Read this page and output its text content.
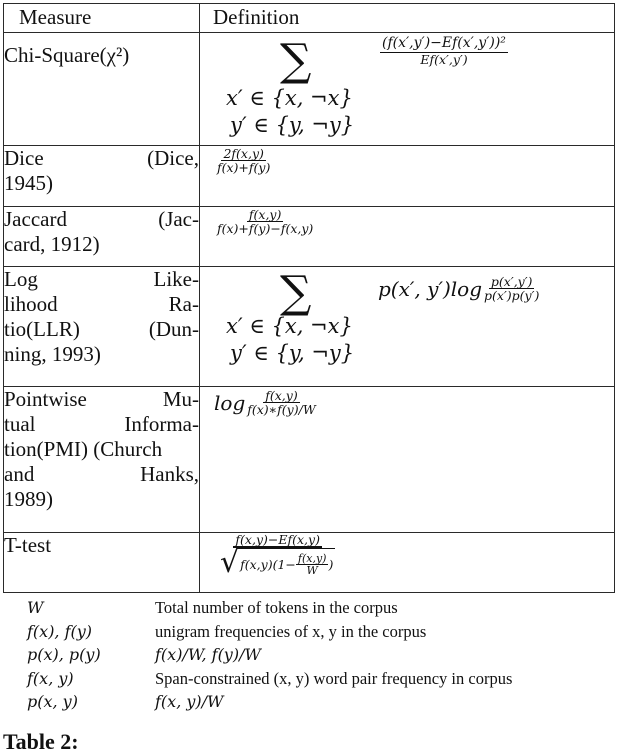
Measure	Definition

Chi-Square(χ²)	∑
x′ ∈ {x, ¬x}
y′ ∈ {y, ¬y}
$\frac{\text{(f(x′,y′)−Ef(x′,y′))²}}{Ef(x',y')}$

Dice (Dice,
1945)	$\frac{2f(x,y)}{f(x)+f(y)}$

Jaccard (Jac-
card, 1912)	$\frac{f(x,y)}{f(x)+f(y)-f(x,y)}$

Log Like-
lihood Ra-
tio(LLR) (Dun-
ning, 1993)

∑
x′ ∈ {x, ¬x}
y′ ∈ {y, ¬y}
p(x′, $y')\log \frac{p(x',y')}{p(x')p(y')}$

Pointwise Mu-
tual Informa-
tion(PMI) (Church
and Hanks,
1989)	$\log \frac{f(x,y)}{f(x)∗f(y)/W}$

T-test	f(x,y)−Ef(x,y)
√ $f(x,y)(1- \frac{f(x,y)}{W}$ )
W	Total number of tokens in the corpus
f(x), f(y)	unigram frequencies of x, y in the corpus
p(x), p(y)	f(x)/W, f(y)/W
f(x, y)	Span-constrained (x, y) word pair frequency in corpus
p(x, y)	f(x, y)/W
Table 2:
